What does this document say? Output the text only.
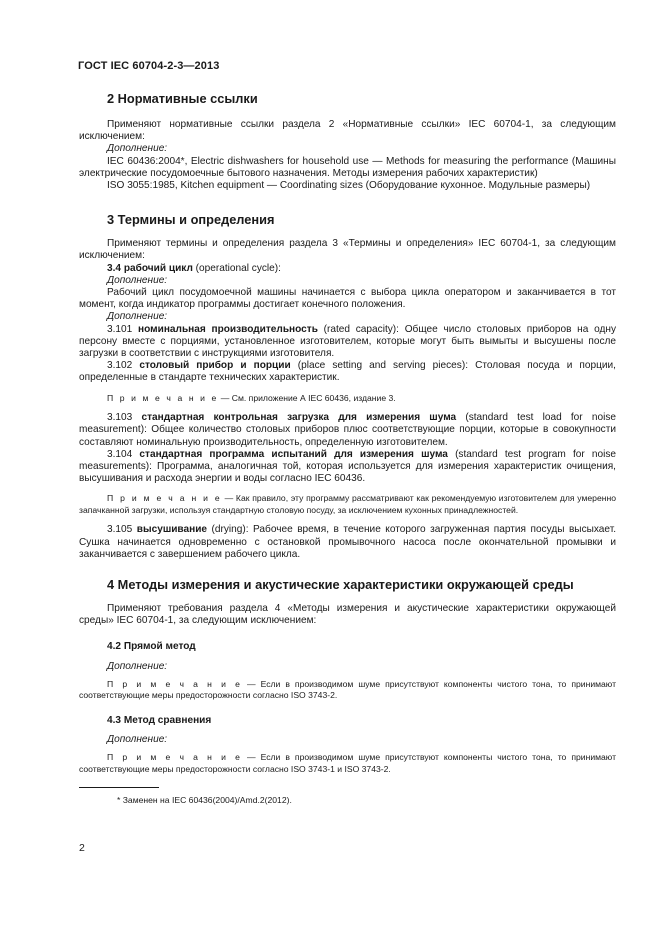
ГОСТ IEC 60704-2-3—2013

2 Нормативные ссылки

Применяют нормативные ссылки раздела 2 «Нормативные ссылки» IEC 60704-1, за следующим исключением:

Дополнение:

IEC 60436:2004*, Electric dishwashers for household use — Methods for measuring the performance (Машины электрические посудомоечные бытового назначения. Методы измерения рабочих характеристик)

ISO 3055:1985, Kitchen equipment — Coordinating sizes (Оборудование кухонное. Модульные размеры)

3 Термины и определения

Применяют термины и определения раздела 3 «Термины и определения» IEC 60704-1, за следующим исключением:

3.4 рабочий цикл (operational cycle):

Дополнение:

Рабочий цикл посудомоечной машины начинается с выбора цикла оператором и заканчивается в тот момент, когда индикатор программы достигает конечного положения.

Дополнение:

3.101 номинальная производительность (rated capacity): Общее число столовых приборов на одну персону вместе с порциями, установленное изготовителем, которые могут быть вымыты и высушены после загрузки в соответствии с инструкциями изготовителя.

3.102 столовый прибор и порции (place setting and serving pieces): Столовая посуда и порции, определенные в стандарте технических характеристик.

П р и м е ч а н и е — См. приложение А IEC 60436, издание 3.

3.103 стандартная контрольная загрузка для измерения шума (standard test load for noise measurement): Общее количество столовых приборов плюс соответствующие порции, которые в совокупности составляют номинальную производительность, определенную изготовителем.

3.104 стандартная программа испытаний для измерения шума (standard test program for noise measurements): Программа, аналогичная той, которая используется для измерения характеристик очищения, высушивания и расхода энергии и воды согласно IEC 60436.

П р и м е ч а н и е — Как правило, эту программу рассматривают как рекомендуемую изготовителем для умеренно запачканной загрузки, используя стандартную столовую посуду, за исключением кухонных принадлежностей.

3.105 высушивание (drying): Рабочее время, в течение которого загруженная партия посуды высыхает. Сушка начинается одновременно с остановкой промывочного насоса после окончательной промывки и заканчивается с завершением рабочего цикла.

4 Методы измерения и акустические характеристики окружающей среды

Применяют требования раздела 4 «Методы измерения и акустические характеристики окружающей среды» IEC 60704-1, за следующим исключением:

4.2 Прямой метод

Дополнение:

П р и м е ч а н и е — Если в производимом шуме присутствуют компоненты чистого тона, то принимают соответствующие меры предосторожности согласно ISO 3743-2.

4.3 Метод сравнения

Дополнение:

П р и м е ч а н и е — Если в производимом шуме присутствуют компоненты чистого тона, то принимают соответствующие меры предосторожности согласно ISO 3743-1 и ISO 3743-2.

* Заменен на IEC 60436(2004)/Amd.2(2012).

2
